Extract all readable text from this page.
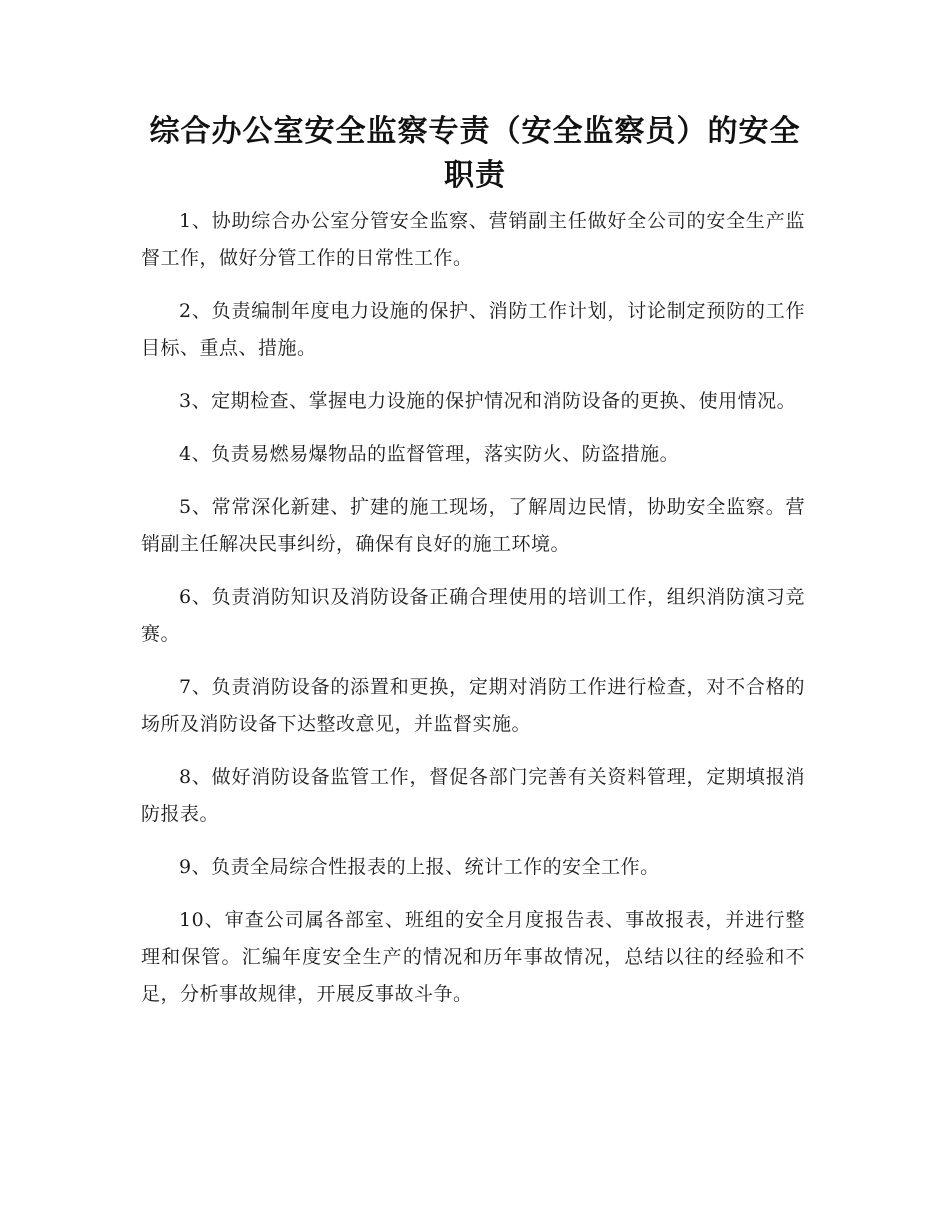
综合办公室安全监察专责（安全监察员）的安全职责

1、协助综合办公室分管安全监察、营销副主任做好全公司的安全生产监督工作，做好分管工作的日常性工作。

2、负责编制年度电力设施的保护、消防工作计划，讨论制定预防的工作目标、重点、措施。

3、定期检查、掌握电力设施的保护情况和消防设备的更换、使用情况。

4、负责易燃易爆物品的监督管理，落实防火、防盗措施。

5、常常深化新建、扩建的施工现场，了解周边民情，协助安全监察。营销副主任解决民事纠纷，确保有良好的施工环境。

6、负责消防知识及消防设备正确合理使用的培训工作，组织消防演习竞赛。

7、负责消防设备的添置和更换，定期对消防工作进行检查，对不合格的场所及消防设备下达整改意见，并监督实施。

8、做好消防设备监管工作，督促各部门完善有关资料管理，定期填报消防报表。

9、负责全局综合性报表的上报、统计工作的安全工作。

10、审查公司属各部室、班组的安全月度报告表、事故报表，并进行整理和保管。汇编年度安全生产的情况和历年事故情况，总结以往的经验和不足，分析事故规律，开展反事故斗争。
